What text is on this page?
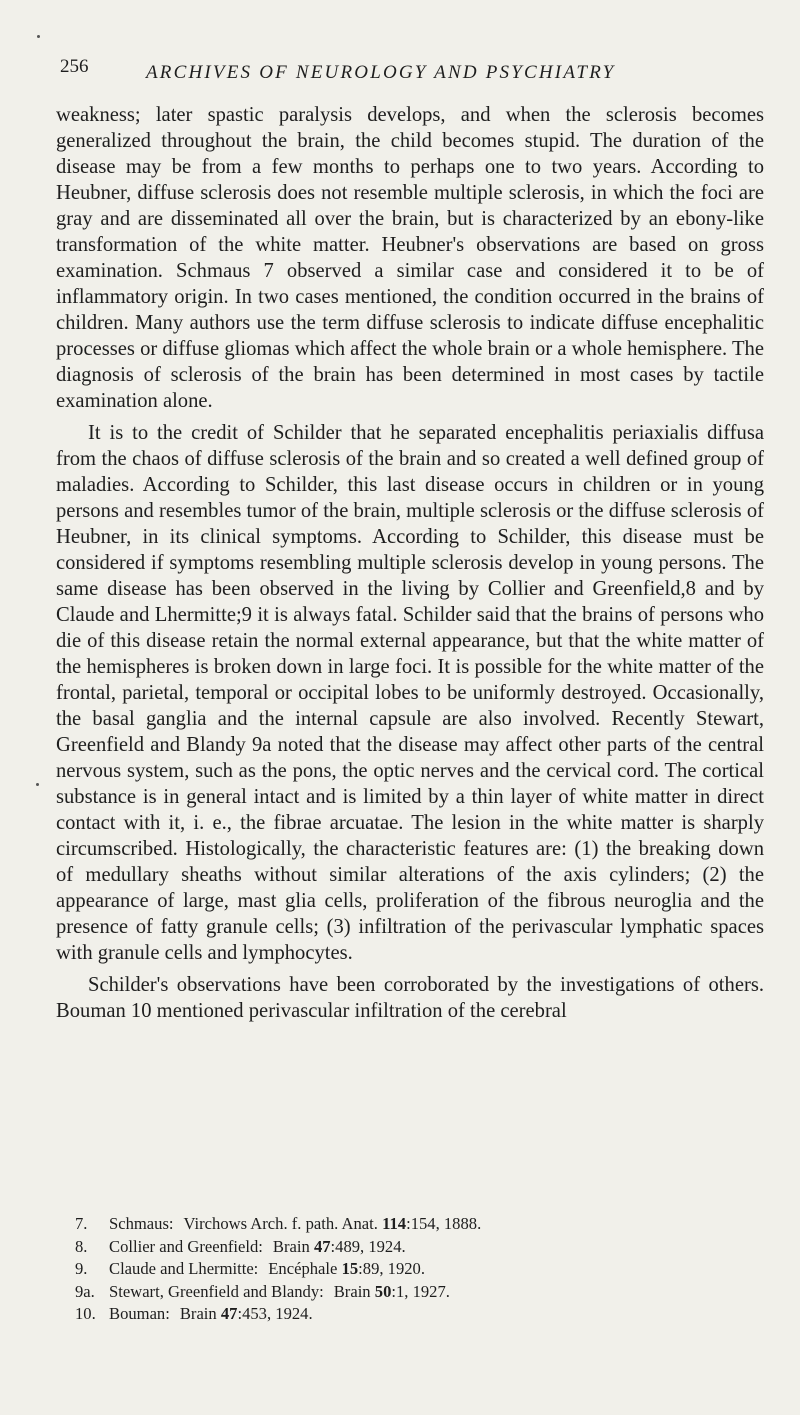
256	ARCHIVES OF NEUROLOGY AND PSYCHIATRY

weakness; later spastic paralysis develops, and when the sclerosis becomes generalized throughout the brain, the child becomes stupid. The duration of the disease may be from a few months to perhaps one to two years. According to Heubner, diffuse sclerosis does not resemble multiple sclerosis, in which the foci are gray and are disseminated all over the brain, but is characterized by an ebony-like transformation of the white matter. Heubner's observations are based on gross examination. Schmaus 7 observed a similar case and considered it to be of inflammatory origin. In two cases mentioned, the condition occurred in the brains of children. Many authors use the term diffuse sclerosis to indicate diffuse encephalitic processes or diffuse gliomas which affect the whole brain or a whole hemisphere. The diagnosis of sclerosis of the brain has been determined in most cases by tactile examination alone.

It is to the credit of Schilder that he separated encephalitis periaxialis diffusa from the chaos of diffuse sclerosis of the brain and so created a well defined group of maladies. According to Schilder, this last disease occurs in children or in young persons and resembles tumor of the brain, multiple sclerosis or the diffuse sclerosis of Heubner, in its clinical symptoms. According to Schilder, this disease must be considered if symptoms resembling multiple sclerosis develop in young persons. The same disease has been observed in the living by Collier and Greenfield,8 and by Claude and Lhermitte;9 it is always fatal. Schilder said that the brains of persons who die of this disease retain the normal external appearance, but that the white matter of the hemispheres is broken down in large foci. It is possible for the white matter of the frontal, parietal, temporal or occipital lobes to be uniformly destroyed. Occasionally, the basal ganglia and the internal capsule are also involved. Recently Stewart, Greenfield and Blandy 9a noted that the disease may affect other parts of the central nervous system, such as the pons, the optic nerves and the cervical cord. The cortical substance is in general intact and is limited by a thin layer of white matter in direct contact with it, i. e., the fibrae arcuatae. The lesion in the white matter is sharply circumscribed. Histologically, the characteristic features are: (1) the breaking down of medullary sheaths without similar alterations of the axis cylinders; (2) the appearance of large, mast glia cells, proliferation of the fibrous neuroglia and the presence of fatty granule cells; (3) infiltration of the perivascular lymphatic spaces with granule cells and lymphocytes.

Schilder's observations have been corroborated by the investigations of others. Bouman 10 mentioned perivascular infiltration of the cerebral

7. Schmaus: Virchows Arch. f. path. Anat. 114:154, 1888.
8. Collier and Greenfield: Brain 47:489, 1924.
9. Claude and Lhermitte: Encéphale 15:89, 1920.
9a. Stewart, Greenfield and Blandy: Brain 50:1, 1927.
10. Bouman: Brain 47:453, 1924.
